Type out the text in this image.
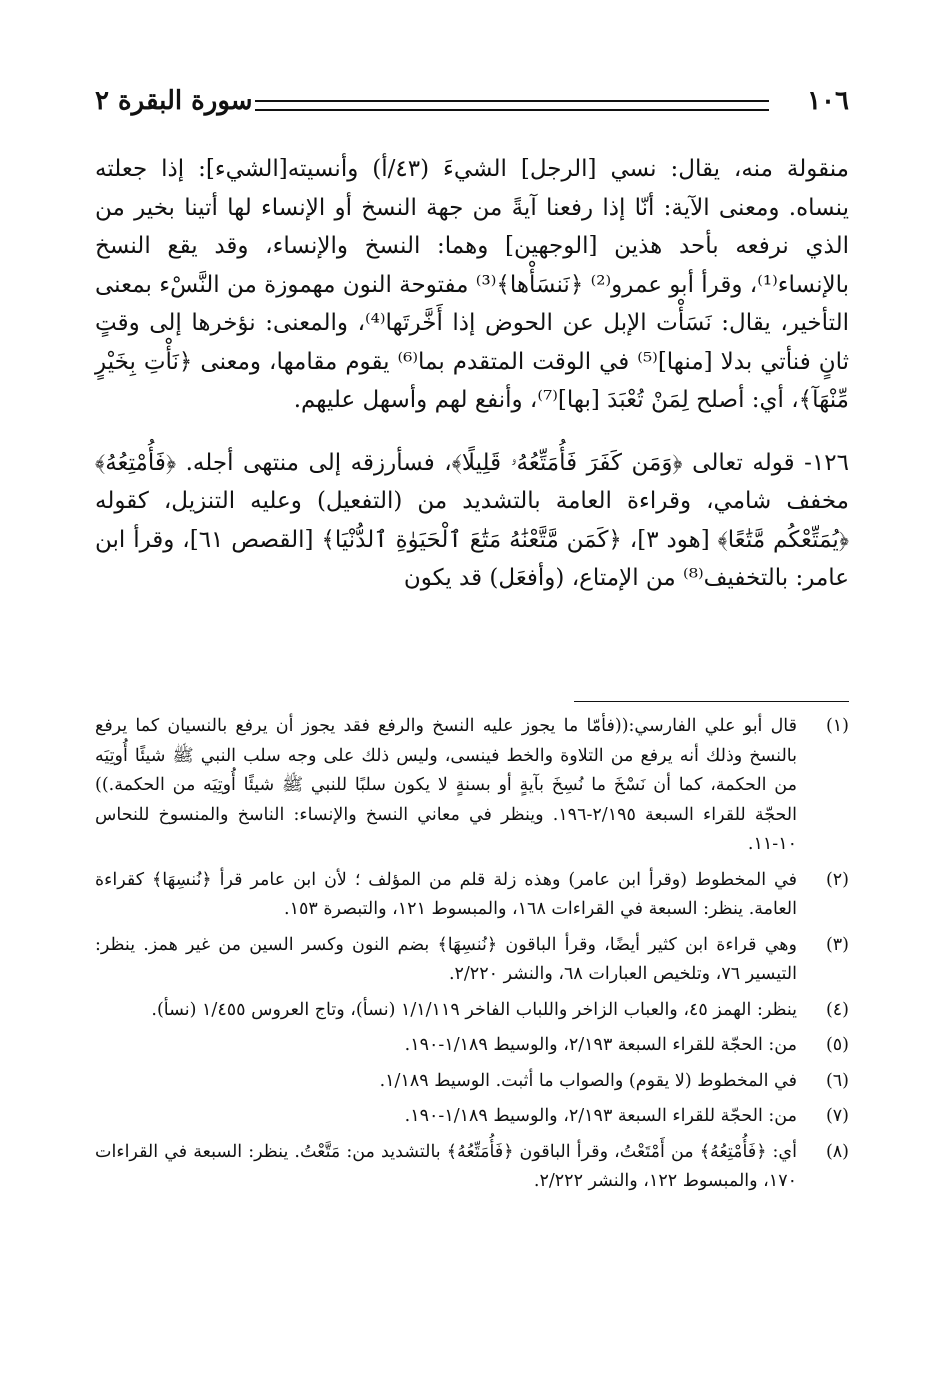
سورة البقرة ٢	١٠٦

منقولة منه، يقال: نسي [الرجل] الشيءَ (٤٣/أ) وأنسيته[الشيء]: إذا جعلته ينساه. ومعنى الآية: أنّا إذا رفعنا آيةً من جهة النسخ أو الإنساء لها أتينا بخير من الذي نرفعه بأحد هذين [الوجهين] وهما: النسخ والإنساء، وقد يقع النسخ بالإنساء⁽¹⁾، وقرأ أبو عمرو⁽²⁾ ﴿نَنسَأْها﴾⁽³⁾ مفتوحة النون مهموزة من النَّسْء بمعنى التأخير، يقال: نَسَأْت الإبل عن الحوض إذا أَخَّرتَها⁽⁴⁾، والمعنى: نؤخرها إلى وقتٍ ثانٍ فنأتي بدلا [منها]⁽⁵⁾ في الوقت المتقدم بما⁽⁶⁾ يقوم مقامها، ومعنى ﴿نَأْتِ بِخَيْرٍ مِّنْهَآ﴾، أي: أصلح لِمَنْ تُعْبَدَ [بها]⁽⁷⁾، وأنفع لهم وأسهل عليهم.

١٢٦- قوله تعالى ﴿وَمَن كَفَرَ فَأُمَتِّعُهُۥ قَلِيلًا﴾، فسأرزقه إلى منتهى أجله. ﴿فَأُمْتِعُهُ﴾ مخفف شامي، وقراءة العامة بالتشديد من (التفعيل) وعليه التنزيل، كقوله ﴿يُمَتِّعْكُم مَّتَٰعًا﴾ [هود ٣]، ﴿كَمَن مَّتَّعْنَٰهُ مَتَٰعَ ٱلْحَيَوٰةِ ٱلدُّنْيَا﴾ [القصص ٦١]، وقرأ ابن عامر: بالتخفيف⁽⁸⁾ من الإمتاع، (وأفعَل) قد يكون

(١)
قال أبو علي الفارسي:((فأمّا ما يجوز عليه النسخ والرفع فقد يجوز أن يرفع بالنسيان كما يرفع بالنسخ وذلك أنه يرفع من التلاوة والخط فينسى، وليس ذلك على وجه سلب النبي ﷺ شيئًا أُوتِيَه من الحكمة، كما أن نَسْخَ ما نُسِخَ بآيةٍ أو بسنةٍ لا يكون سلبًا للنبي ﷺ شيئًا أُوتِيَه من الحكمة.)) الحجّة للقراء السبعة ٢/١٩٥-١٩٦. وينظر في معاني النسخ والإنساء: الناسخ والمنسوخ للنحاس ١٠-١١.
(٢)
في المخطوط (وقرأ ابن عامر) وهذه زلة قلم من المؤلف ؛ لأن ابن عامر قرأ ﴿نُنسِهَا﴾ كقراءة العامة. ينظر: السبعة في القراءات ١٦٨، والمبسوط ١٢١، والتبصرة ١٥٣.
(٣)
وهي قراءة ابن كثير أيضًا، وقرأ الباقون ﴿نُنسِهَا﴾ بضم النون وكسر السين من غير همز. ينظر: التيسير ٧٦، وتلخيص العبارات ٦٨، والنشر ٢/٢٢٠.
(٤)
ينظر: الهمز ٤٥، والعباب الزاخر واللباب الفاخر ١/١/١١٩ (نسأ)، وتاج العروس ١/٤٥٥ (نسأ).
(٥)
من: الحجّة للقراء السبعة ٢/١٩٣، والوسيط ١/١٨٩-١٩٠.
(٦)
في المخطوط (لا يقوم) والصواب ما أثبت. الوسيط ١/١٨٩.
(٧)
من: الحجّة للقراء السبعة ٢/١٩٣، والوسيط ١/١٨٩-١٩٠.
(٨)
أي: ﴿فَأُمْتِعُهُ﴾ من أَمْتَعْتُ، وقرأ الباقون ﴿فَأُمَتِّعُهُ﴾ بالتشديد من: مَتَّعْتُ. ينظر: السبعة في القراءات ١٧٠، والمبسوط ١٢٢، والنشر ٢/٢٢٢.
